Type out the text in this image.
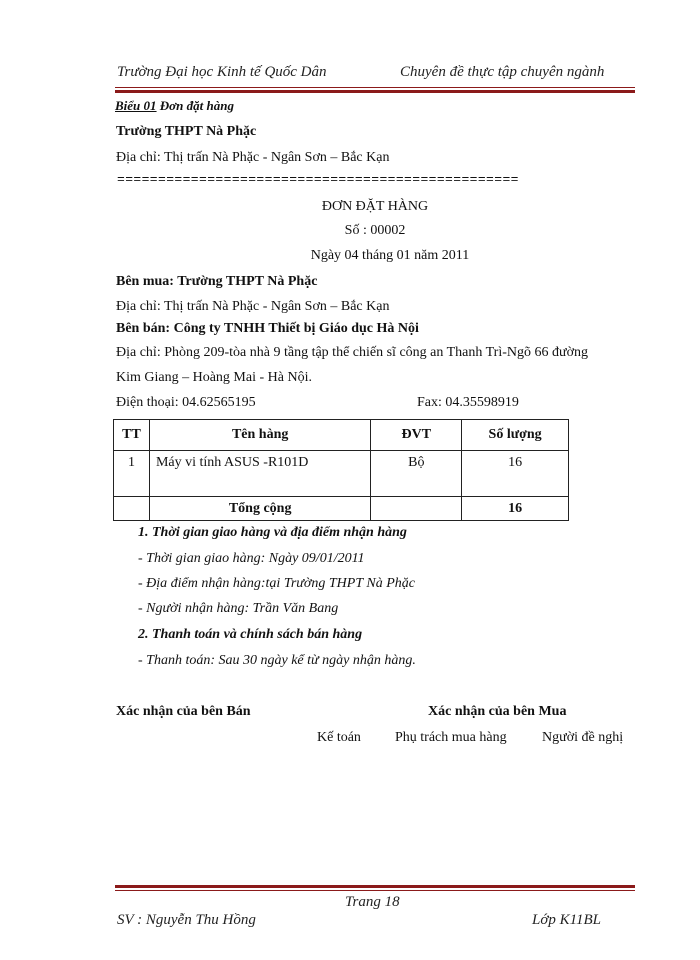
Trường Đại học Kinh tế Quốc Dân	Chuyên đề thực tập chuyên ngành
Biểu 01 Đơn đặt hàng
Trường THPT Nà Phặc
Địa chỉ: Thị trấn Nà Phặc - Ngân Sơn – Bắc Kạn
=================================================
ĐƠN ĐẶT HÀNG
Số : 00002
Ngày 04 tháng 01 năm 2011
Bên mua: Trường THPT Nà Phặc
Địa chỉ: Thị trấn Nà Phặc - Ngân Sơn – Bắc Kạn
Bên bán: Công ty TNHH Thiết bị Giáo dục Hà Nội
Địa chỉ: Phòng 209-tòa nhà 9 tầng tập thể chiến sĩ công an Thanh Trì-Ngõ 66 đường
Kim Giang – Hoàng Mai - Hà Nội.
Điện thoại: 04.62565195	Fax: 04.35598919
TT	Tên hàng	ĐVT	Số lượng
1	Máy vi tính ASUS -R101D	Bộ	16
	Tổng cộng		16
1. Thời gian giao hàng và địa điểm nhận hàng
- Thời gian giao hàng: Ngày 09/01/2011
- Địa điểm nhận hàng:tại Trường THPT Nà Phặc
- Người nhận hàng: Trần Văn Bang
2. Thanh toán và chính sách bán hàng
- Thanh toán: Sau 30 ngày kể từ ngày nhận hàng.
Xác nhận của bên Bán	Xác nhận của bên Mua
Kế toán Phụ trách mua hàng	Người đề nghị
Trang 18
SV : Nguyễn Thu Hồng	Lớp K11BL
